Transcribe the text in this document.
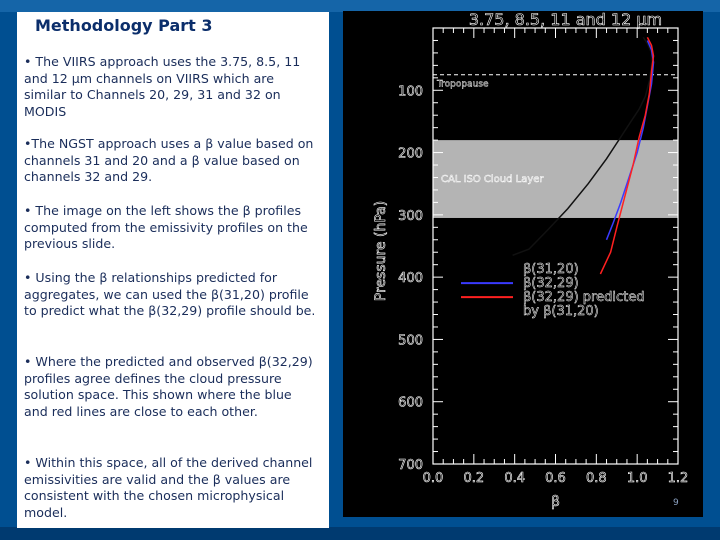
Methodology Part 3
• The VIIRS approach uses the 3.75, 8.5, 11 and 12 μm channels on VIIRS which are similar to Channels 20, 29, 31 and 32 on MODIS
•The NGST approach uses a β value based on channels 31 and 20 and a β value based on channels 32 and 29.
• The image on the left shows the β profiles computed from the emissivity profiles on the previous slide.
• Using the β relationships predicted for aggregates, we can used the β(31,20) profile to predict what the β(32,29) profile should be.
• Where the predicted and observed β(32,29) profiles agree defines the cloud pressure solution space. This shown where the blue and red lines are close to each other.
• Within this space, all of the derived channel emissivities are valid and the β values are consistent with the chosen microphysical model.
0.0 0.2 0.4 0.6 0.8 1.0 1.2
100
200
300
400
500
600
700
Tropopause
CAL ISO Cloud Layer
3.75, 8.5, 11 and 12 μm
β
Pressure (hPa)
9
β(31,20)
β(32,29)
β(32,29) predicted
by β(31,20)
